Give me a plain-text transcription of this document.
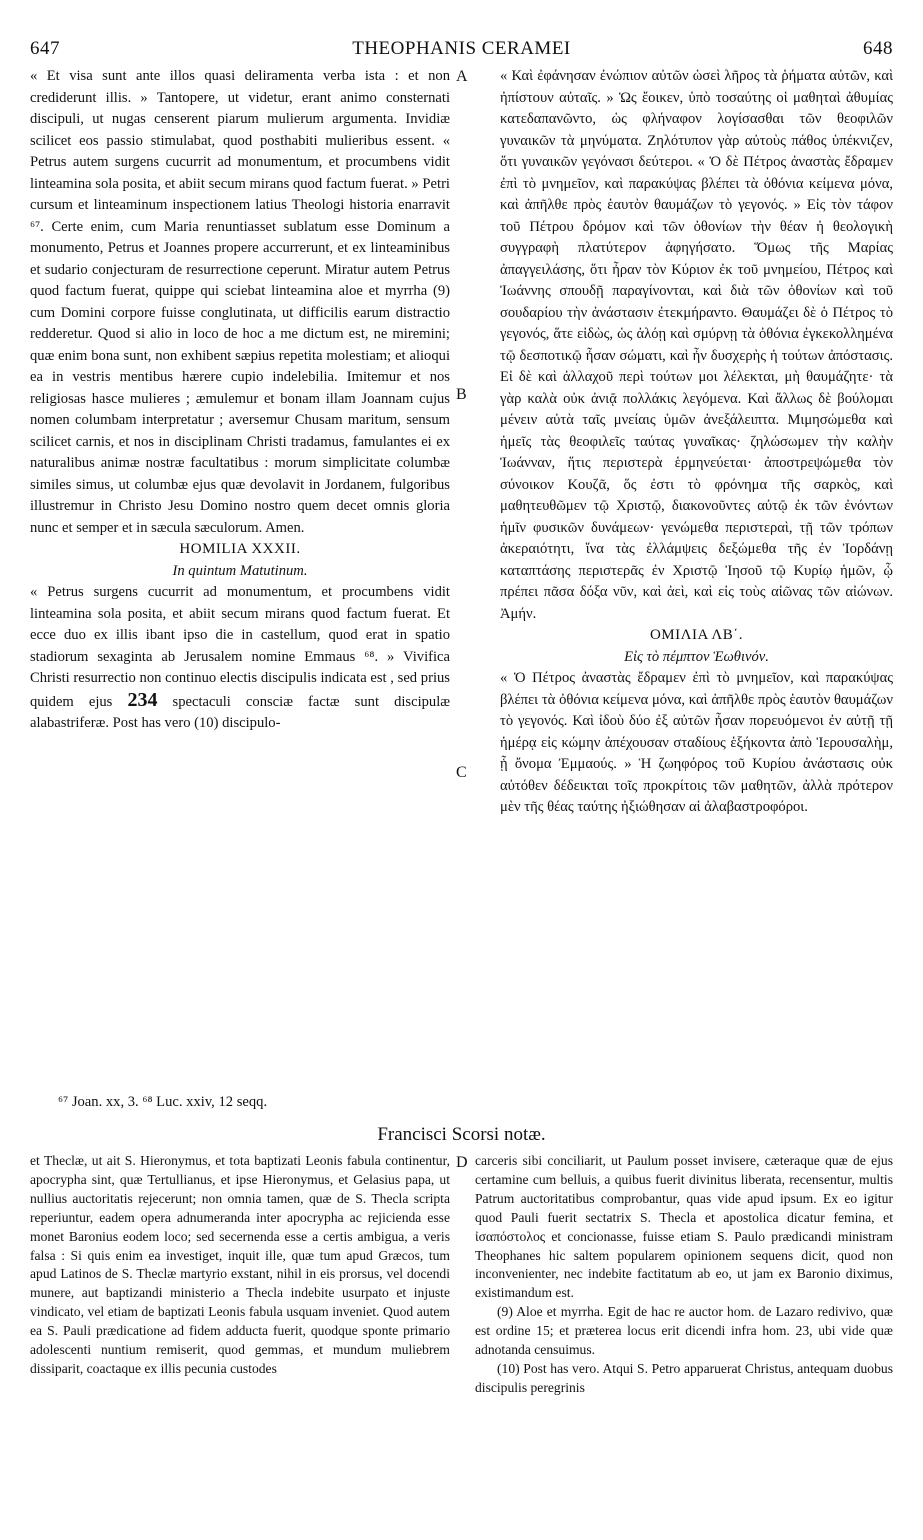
647	THEOPHANIS CERAMEI	648

« Et visa sunt ante illos quasi deliramenta verba ista : et non crediderunt illis. » Tantopere, ut videtur, erant animo consternati discipuli, ut nugas censerent piarum mulierum argumenta. Invidiæ scilicet eos passio stimulabat, quod posthabiti mulieribus essent. « Petrus autem surgens cucurrit ad monumentum, et procumbens vidit linteamina sola posita, et abiit secum mirans quod factum fuerat. » Petri cursum et linteaminum inspectionem latius Theologi historia enarravit ⁶⁷. Certe enim, cum Maria renuntiasset sublatum esse Dominum a monumento, Petrus et Joannes propere accurrerunt, et ex linteaminibus et sudario conjecturam de resurrectione ceperunt. Miratur autem Petrus quod factum fuerat, quippe qui sciebat linteamina aloe et myrrha (9) cum Domini corpore fuisse conglutinata, ut difficilis earum distractio redderetur. Quod si alio in loco de hoc a me dictum est, ne miremini; quæ enim bona sunt, non exhibent sæpius repetita molestiam; et alioqui ea in vestris mentibus hærere cupio indelebilia. Imitemur et nos religiosas hasce mulieres ; æmulemur et bonam illam Joannam cujus nomen columbam interpretatur ; aversemur Chusam maritum, sensum scilicet carnis, et nos in disciplinam Christi tradamus, famulantes ei ex naturalibus animæ nostræ facultatibus : morum simplicitate columbæ similes simus, ut columbæ ejus quæ devolavit in Jordanem, fulgoribus illustremur in Christo Jesu Domino nostro quem decet omnis gloria nunc et semper et in sæcula sæculorum. Amen.

HOMILIA XXXII.

In quintum Matutinum.

« Petrus surgens cucurrit ad monumentum, et procumbens vidit linteamina sola posita, et abiit secum mirans quod factum fuerat. Et ecce duo ex illis ibant ipso die in castellum, quod erat in spatio stadiorum sexaginta ab Jerusalem nomine Emmaus ⁶⁸. » Vivifica Christi resurrectio non continuo electis discipulis indicata est , sed prius quidem ejus 234 spectaculi consciæ factæ sunt discipulæ alabastriferæ. Post has vero (10) discipulo-

A
B
C
D

« Καὶ ἐφάνησαν ἐνώπιον αὐτῶν ὡσεὶ λῆρος τὰ ῥήματα αὐτῶν, καὶ ἠπίστουν αὐταῖς. » Ὡς ἔοικεν, ὑπὸ τοσαύτης οἱ μαθηταὶ ἀθυμίας κατεδαπανῶντο, ὡς φλήναφον λογίσασθαι τῶν θεοφιλῶν γυναικῶν τὰ μηνύματα. Ζηλότυπον γὰρ αὐτοὺς πάθος ὑπέκνιζεν, ὅτι γυναικῶν γεγόνασι δεύτεροι. « Ὁ δὲ Πέτρος ἀναστὰς ἔδραμεν ἐπὶ τὸ μνημεῖον, καὶ παρακύψας βλέπει τὰ ὀθόνια κείμενα μόνα, καὶ ἀπῆλθε πρὸς ἑαυτὸν θαυμάζων τὸ γεγονός. » Εἰς τὸν τάφον τοῦ Πέτρου δρόμον καὶ τῶν ὀθονίων τὴν θέαν ἡ θεολογικὴ συγγραφὴ πλατύτερον ἀφηγήσατο. Ὅμως τῆς Μαρίας ἀπαγγειλάσης, ὅτι ἦραν τὸν Κύριον ἐκ τοῦ μνημείου, Πέτρος καὶ Ἰωάννης σπουδῇ παραγίνονται, καὶ διὰ τῶν ὀθονίων καὶ τοῦ σουδαρίου τὴν ἀνάστασιν ἐτεκμήραντο. Θαυμάζει δὲ ὁ Πέτρος τὸ γεγονός, ἅτε εἰδὼς, ὡς ἀλόῃ καὶ σμύρνῃ τὰ ὀθόνια ἐγκεκολλημένα τῷ δεσποτικῷ ἦσαν σώματι, καὶ ἦν δυσχερὴς ἡ τούτων ἀπόστασις. Εἰ δὲ καὶ ἀλλαχοῦ περὶ τούτων μοι λέλεκται, μὴ θαυμάζητε· τὰ γὰρ καλὰ οὐκ ἀνιᾷ πολλάκις λεγόμενα. Καὶ ἄλλως δὲ βούλομαι μένειν αὐτὰ ταῖς μνείαις ὑμῶν ἀνεξάλειπτα. Μιμησώμεθα καὶ ἡμεῖς τὰς θεοφιλεῖς ταύτας γυναῖκας· ζηλώσωμεν τὴν καλὴν Ἰωάνναν, ἥτις περιστερὰ ἑρμηνεύεται· ἀποστρεψώμεθα τὸν σύνοικον Κουζᾶ, ὅς ἐστι τὸ φρόνημα τῆς σαρκὸς, καὶ μαθητευθῶμεν τῷ Χριστῷ, διακονοῦντες αὐτῷ ἐκ τῶν ἐνόντων ἡμῖν φυσικῶν δυνάμεων· γενώμεθα περιστεραὶ, τῇ τῶν τρόπων ἀκεραιότητι, ἵνα τὰς ἐλλάμψεις δεξώμεθα τῆς ἐν Ἰορδάνῃ καταπτάσης περιστερᾶς ἐν Χριστῷ Ἰησοῦ τῷ Κυρίῳ ἡμῶν, ᾧ πρέπει πᾶσα δόξα νῦν, καὶ ἀεὶ, καὶ εἰς τοὺς αἰῶνας τῶν αἰώνων. Ἀμήν.

ΟΜΙΛΙΑ ΛΒ΄.

Εἰς τὸ πέμπτον Ἑωθινόν.

« Ὁ Πέτρος ἀναστὰς ἔδραμεν ἐπὶ τὸ μνημεῖον, καὶ παρακύψας βλέπει τὰ ὀθόνια κείμενα μόνα, καὶ ἀπῆλθε πρὸς ἑαυτὸν θαυμάζων τὸ γεγονός. Καὶ ἰδοὺ δύο ἐξ αὐτῶν ἦσαν πορευόμενοι ἐν αὐτῇ τῇ ἡμέρᾳ εἰς κώμην ἀπέχουσαν σταδίους ἑξήκοντα ἀπὸ Ἱερουσαλὴμ, ᾗ ὄνομα Ἐμμαούς. » Ἡ ζωηφόρος τοῦ Κυρίου ἀνάστασις οὐκ αὐτόθεν δέδεικται τοῖς προκρίτοις τῶν μαθητῶν, ἀλλὰ πρότερον μὲν τῆς θέας ταύτης ἠξιώθησαν αἱ ἀλαβαστροφόροι.

⁶⁷ Joan. xx, 3. ⁶⁸ Luc. xxiv, 12 seqq.
Francisci Scorsi notæ.

et Theclæ, ut ait S. Hieronymus, et tota baptizati Leonis fabula continentur, apocrypha sint, quæ Tertullianus, et ipse Hieronymus, et Gelasius papa, ut nullius auctoritatis rejecerunt; non omnia tamen, quæ de S. Thecla scripta reperiuntur, eadem opera adnumeranda inter apocrypha ac rejicienda esse monet Baronius eodem loco; sed secernenda esse a certis ambigua, a veris falsa : Si quis enim ea investiget, inquit ille, quæ tum apud Græcos, tum apud Latinos de S. Theclæ martyrio exstant, nihil in eis prorsus, vel docendi munere, aut baptizandi ministerio a Thecla indebite usurpato et injuste vindicato, vel etiam de baptizati Leonis fabula usquam inveniet. Quod autem ea S. Pauli prædicatione ad fidem adducta fuerit, quodque sponte primario adolescenti nuntium remiserit, quod gemmas, et mundum muliebrem dissiparit, coactaque ex illis pecunia custodes

carceris sibi conciliarit, ut Paulum posset invisere, cæteraque quæ de ejus certamine cum belluis, a quibus fuerit divinitus liberata, recensentur, multis Patrum auctoritatibus comprobantur, quas vide apud ipsum. Ex eo igitur quod Pauli fuerit sectatrix S. Thecla et apostolica dicatur femina, et ἰσαπόστολος et concionasse, fuisse etiam S. Paulo prædicandi ministram Theophanes hic saltem popularem opinionem sequens dicit, quod non inconvenienter, nec indebite factitatum ab eo, ut jam ex Baronio diximus, existimandum est.

(9) Aloe et myrrha. Egit de hac re auctor hom. de Lazaro redivivo, quæ est ordine 15; et præterea locus erit dicendi infra hom. 23, ubi vide quæ adnotanda censuimus.

(10) Post has vero. Atqui S. Petro apparuerat Christus, antequam duobus discipulis peregrinis
